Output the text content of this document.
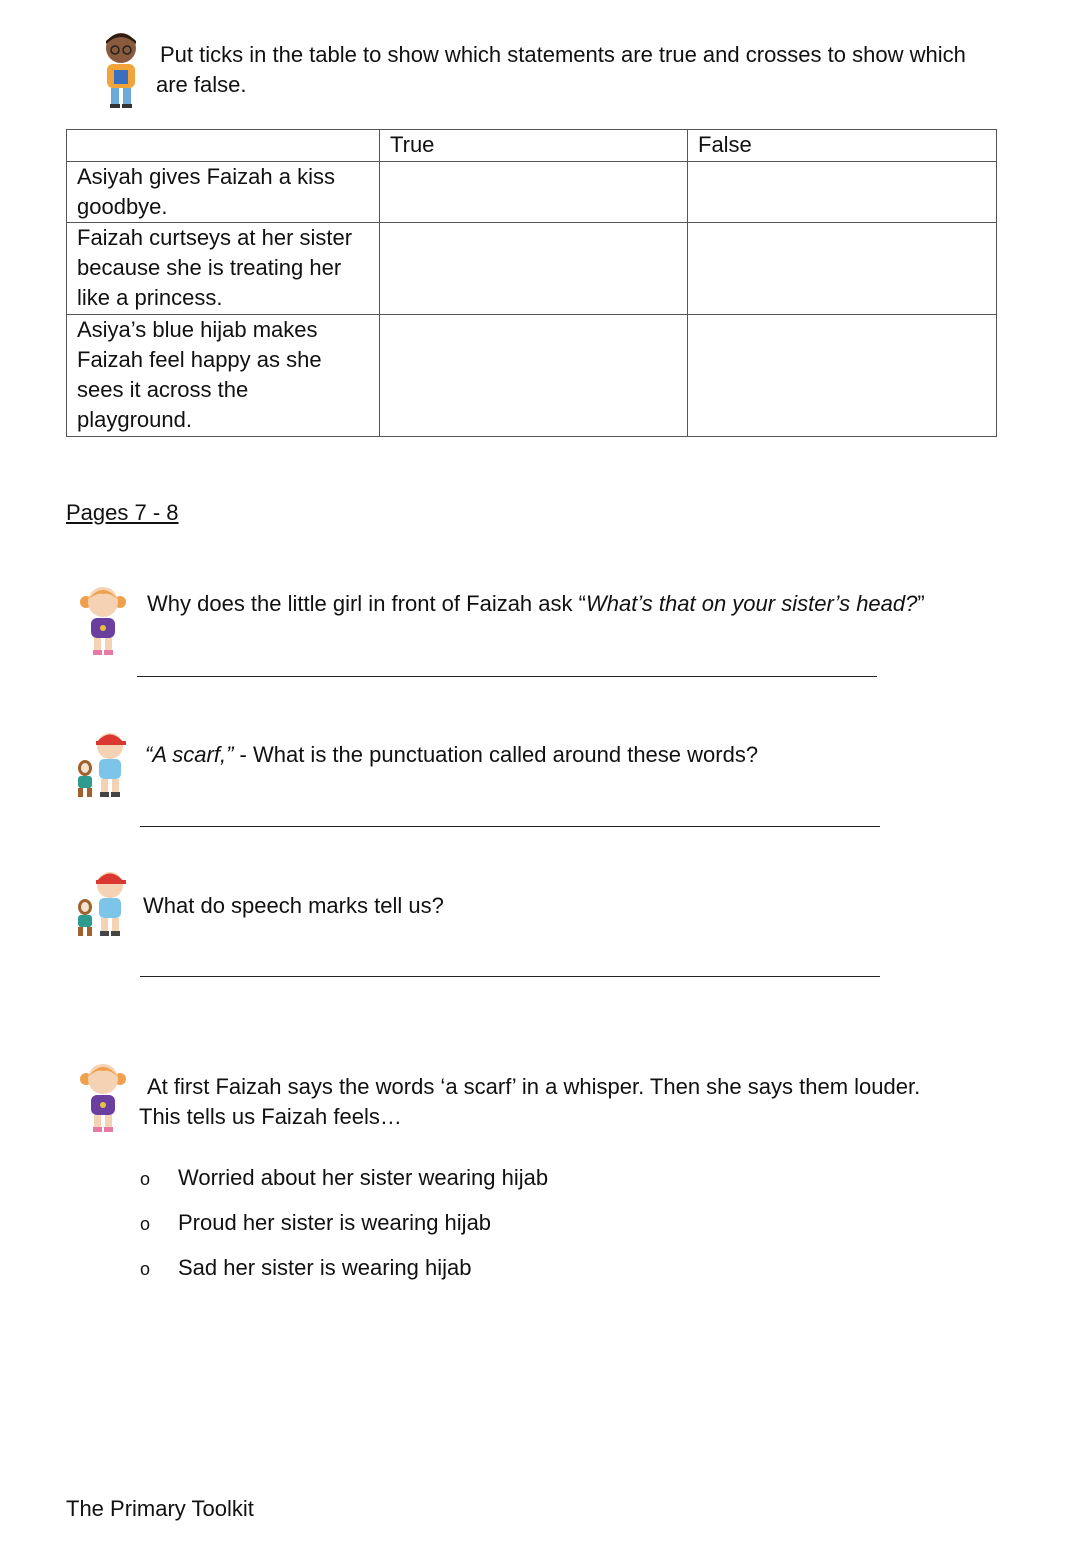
Put ticks in the table to show which statements are true and crosses to show which
are false.
	True	False
Asiyah gives Faizah a kiss goodbye.		
Faizah curtseys at her sister because she is treating her like a princess.		
Asiya’s blue hijab makes Faizah feel happy as she sees it across the playground.		
Pages 7 - 8
Why does the little girl in front of Faizah ask “What’s that on your sister’s head?”
“A scarf,” - What is the punctuation called around these words?
What do speech marks tell us?
At first Faizah says the words ‘a scarf’ in a whisper. Then she says them louder.
This tells us Faizah feels…
o Worried about her sister wearing hijab
o Proud her sister is wearing hijab
o Sad her sister is wearing hijab
The Primary Toolkit
